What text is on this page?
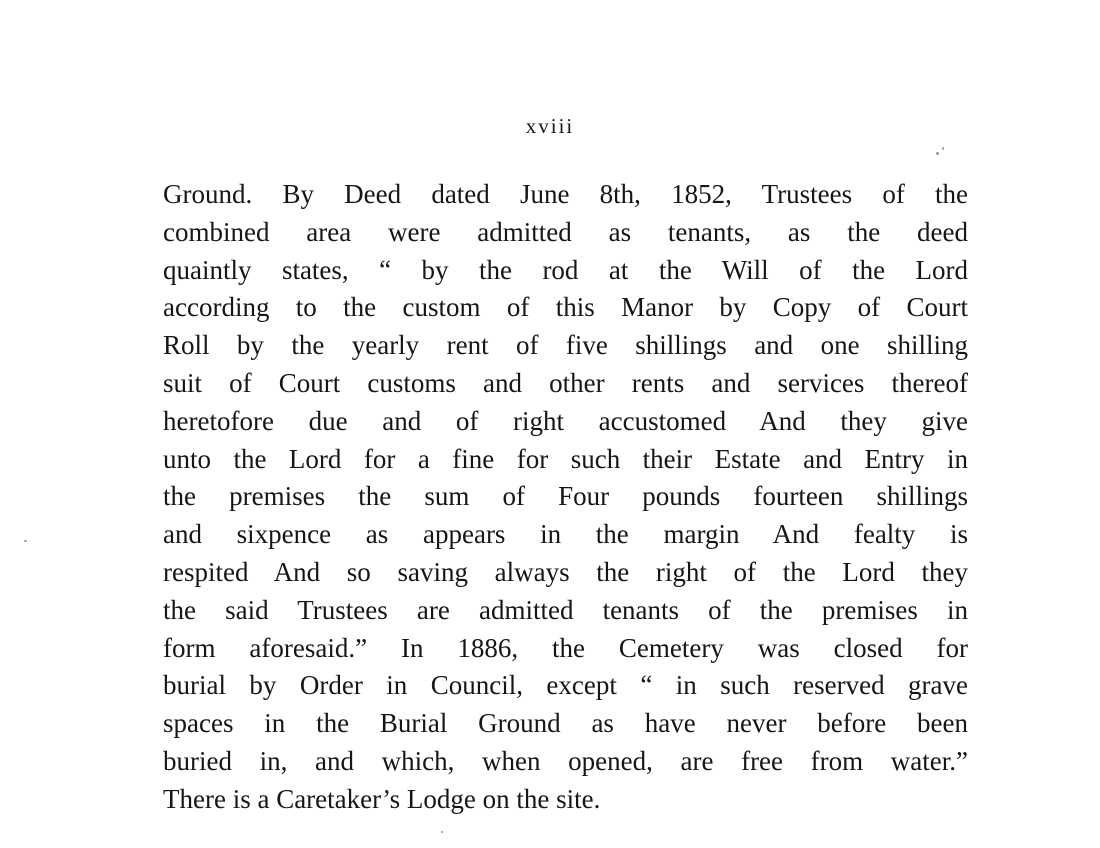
xviii
Ground. By Deed dated June 8th, 1852, Trustees of the
combined area were admitted as tenants, as the deed
quaintly states, “ by the rod at the Will of the Lord
according to the custom of this Manor by Copy of Court
Roll by the yearly rent of five shillings and one shilling
suit of Court customs and other rents and services thereof
heretofore due and of right accustomed And they give
unto the Lord for a fine for such their Estate and Entry in
the premises the sum of Four pounds fourteen shillings
and sixpence as appears in the margin And fealty is
respited And so saving always the right of the Lord they
the said Trustees are admitted tenants of the premises in
form aforesaid.” In 1886, the Cemetery was closed for
burial by Order in Council, except “ in such reserved grave
spaces in the Burial Ground as have never before been
buried in, and which, when opened, are free from water.”
There is a Caretaker’s Lodge on the site.
